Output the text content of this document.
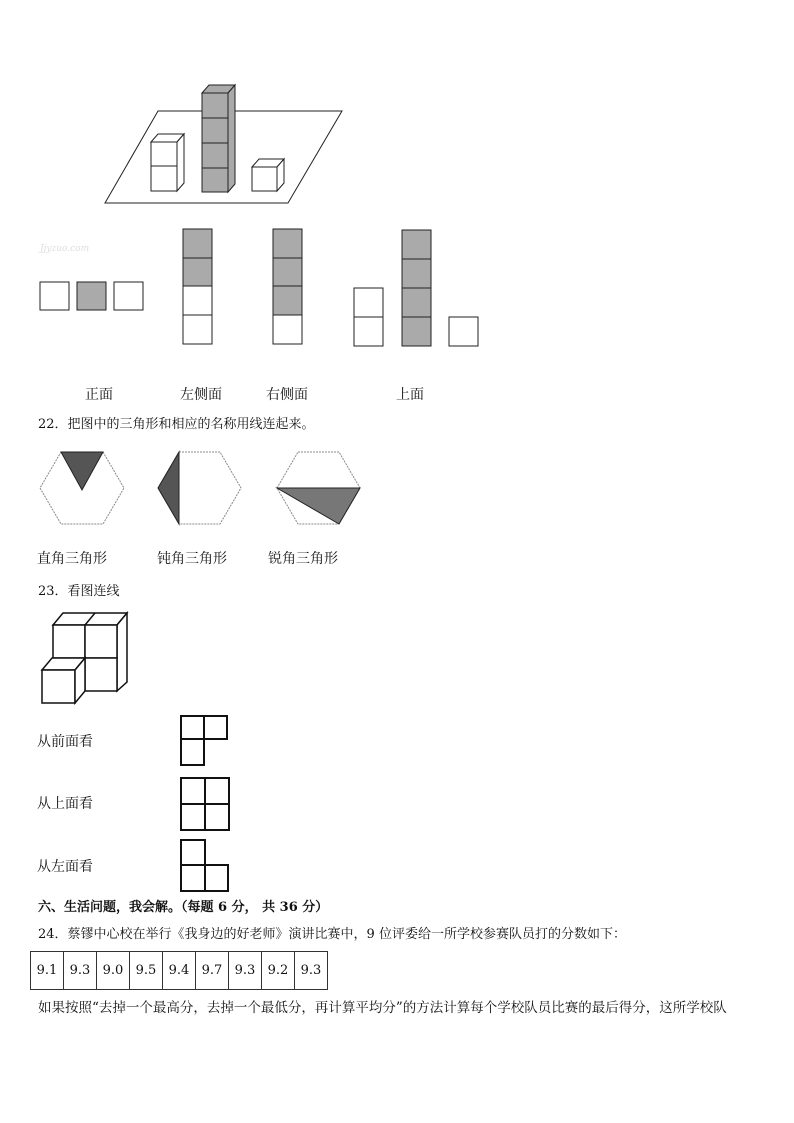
Jjyzuo.com
正面	左侧面	右侧面	上面
22．把图中的三角形和相应的名称用线连起来。
直角三角形	钝角三角形	锐角三角形
23．看图连线
从前面看
从上面看
从左面看
六、生活问题，我会解。（每题 6 分， 共 36 分）
24．蔡镠中心校在举行《我身边的好老师》演讲比赛中，9 位评委给一所学校参赛队员打的分数如下：
9.1	9.3	9.0	9.5	9.4	9.7	9.3	9.2	9.3
如果按照“去掉一个最高分，去掉一个最低分，再计算平均分”的方法计算每个学校队员比赛的最后得分，这所学校队
